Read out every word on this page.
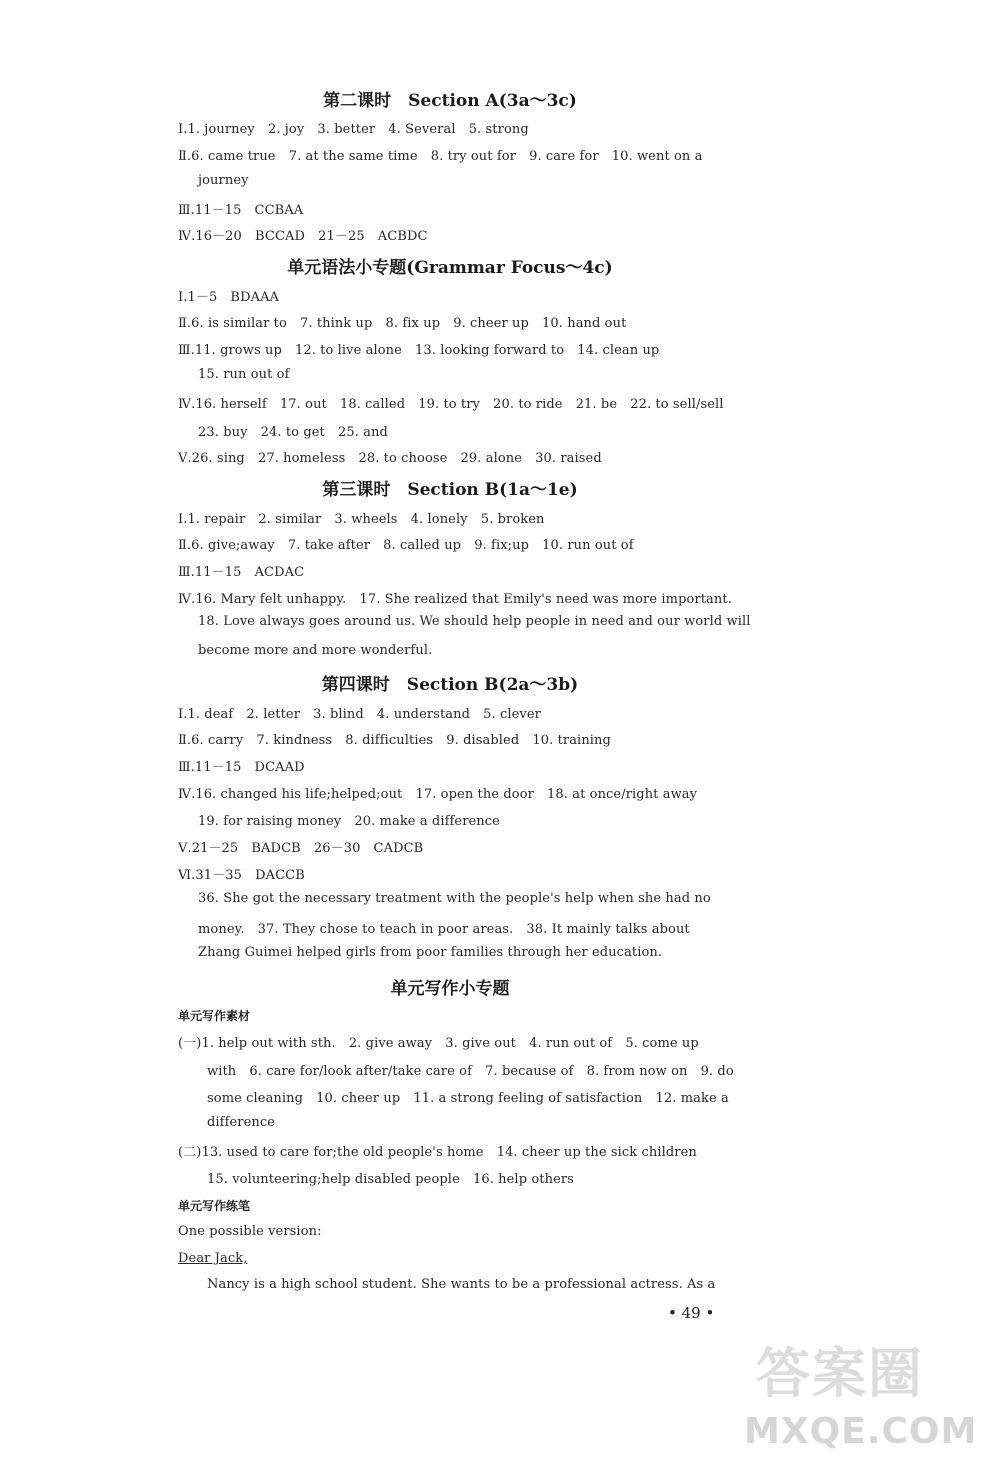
第二课时　Section A(3a～3c)
Ⅰ.1. journey　2. joy　3. better　4. Several　5. strong
Ⅱ.6. came true　7. at the same time　8. try out for　9. care for　10. went on a
journey
Ⅲ.11－15　CCBAA
Ⅳ.16－20　BCCAD　21－25　ACBDC
单元语法小专题(Grammar Focus～4c)
Ⅰ.1－5　BDAAA
Ⅱ.6. is similar to　7. think up　8. fix up　9. cheer up　10. hand out
Ⅲ.11. grows up　12. to live alone　13. looking forward to　14. clean up
15. run out of
Ⅳ.16. herself　17. out　18. called　19. to try　20. to ride　21. be　22. to sell/sell
23. buy　24. to get　25. and
Ⅴ.26. sing　27. homeless　28. to choose　29. alone　30. raised
第三课时　Section B(1a～1e)
Ⅰ.1. repair　2. similar　3. wheels　4. lonely　5. broken
Ⅱ.6. give;away　7. take after　8. called up　9. fix;up　10. run out of
Ⅲ.11－15　ACDAC
Ⅳ.16. Mary felt unhappy.　17. She realized that Emily's need was more important.
18. Love always goes around us. We should help people in need and our world will
become more and more wonderful.
第四课时　Section B(2a～3b)
Ⅰ.1. deaf　2. letter　3. blind　4. understand　5. clever
Ⅱ.6. carry　7. kindness　8. difficulties　9. disabled　10. training
Ⅲ.11－15　DCAAD
Ⅳ.16. changed his life;helped;out　17. open the door　18. at once/right away
19. for raising money　20. make a difference
Ⅴ.21－25　BADCB　26－30　CADCB
Ⅵ.31－35　DACCB
36. She got the necessary treatment with the people's help when she had no
money.　37. They chose to teach in poor areas.　38. It mainly talks about
Zhang Guimei helped girls from poor families through her education.
单元写作小专题
单元写作素材
(一)1. help out with sth.　2. give away　3. give out　4. run out of　5. come up
with　6. care for/look after/take care of　7. because of　8. from now on　9. do
some cleaning　10. cheer up　11. a strong feeling of satisfaction　12. make a
difference
(二)13. used to care for;the old people's home　14. cheer up the sick children
15. volunteering;help disabled people　16. help others
单元写作练笔
One possible version:
Dear Jack,
Nancy is a high school student. She wants to be a professional actress. As a
• 49 •
答案圈
MXQE.COM
